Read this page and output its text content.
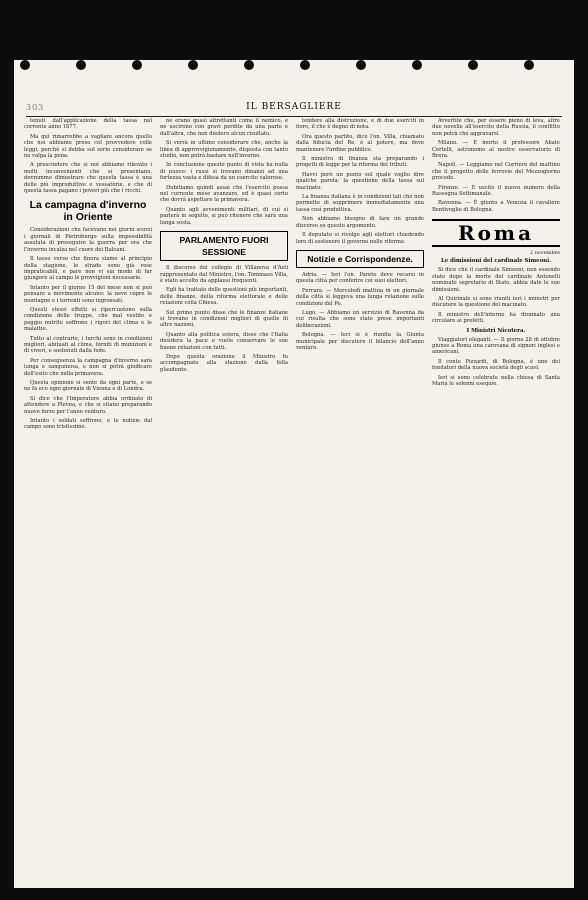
303	IL BERSAGLIERE

tenuti dall'applicazione della tassa nel corrente anno 1877.

Ma qui rimarrebbe a vagliare ancora quello che noi abbiamo preso col provvedere colle leggi, perchè si debba sul serio considerare se ne valga la pena.

A prescindere che si noi abbiamo rilevato i molti inconvenienti che si presentano, dovremmo dimostrare che questa tassa è una delle più improduttive e vessatorie, e che di questa tassa pagano i poveri più che i ricchi.

La campagna d'inverno in Oriente

Considerazioni che facevano nei giorni scorsi i giornali di Pietroburgo sulla impossibilità assoluta di proseguire la guerra per ora che l'inverno incalza nel cuore dei Balcani.

Il tasso verso che finora siamo al principio della stagione, le strade sono già rese impraticabili, e pare non vi sia modo di far giungere al campo le provvigioni necessarie.

Intanto per il giorno 15 del mese non si può pensare a movimento alcuno: la neve copre le montagne e i torrenti sono ingrossati.

Questi stessi effetti si ripercuotono sulla condizione delle truppe, che mal vestite e peggio nutrite soffrono i rigori del clima e le malattie.

Tutto al contrario, i turchi sono in condizioni migliori, abituati al clima, forniti di munizioni e di viveri, e sostenuti dalla fede.

Per conseguenza la campagna d'inverno sarà lunga e sanguinosa, e non si potrà giudicare dell'esito che nella primavera.

Questa opinione si sente da ogni parte, e se ne fa eco ogni giornale di Vienna e di Londra.

Si dice che l'Imperatore abbia ordinato di attendere a Plevna, e che si stiano preparando nuove forze per l'anno venturo.

Intanto i soldati soffrono, e le notizie dal campo sono tristissime.

ne erano quasi altrettanti come il nemico, e ne uscirono con gravi perdite da una parte e dall'altra, che non diedero alcun risultato.

Si verrà in ultimo considerare che, anche la linea di approvvigionamento, disposta con tanto studio, non potrà bastare nell'inverno.

In conclusione questo punto di vista ha nulla di nuovo: i russi si trovano dinanzi ad una fortezza vasta e difesa da un esercito valoroso.

Dubitiamo quindi assai che l'esercito possa nel corrente mese avanzare, ed è quasi certo che dovrà aspettare la primavera.

Quanto agli avvenimenti militari, di cui si parlerà in seguito, si può ritenere che sarà una lunga sosta.

PARLAMENTO FUORI SESSIONE

Il discorso del collegio di Villanova d'Asti rappresentato dal Ministro, l'on. Tommaso Villa, è stato accolto da applausi frequenti.

Egli ha trattato delle questioni più importanti, delle finanze, della riforma elettorale e delle relazioni colla Chiesa.

Sul primo punto disse che le finanze italiane si trovano in condizioni migliori di quelle di altre nazioni.

Quanto alla politica estera, disse che l'Italia desidera la pace e vuole conservare le sue buone relazioni con tutti.

Dopo questa orazione il Ministro fu accompagnato alla stazione dalla folla plaudente.

tendere alla distruzione, e di due eserciti in fiore, il che è degno di nota.

Ora questo partito, dice l'on. Villa, chiamato dalla fiducia del Re, è al potere, ma deve mantenere l'ordine pubblico.

Il ministro di finanza sta preparando i progetti di legge per la riforma dei tributi.

Havvi però un punto sul quale voglio dire qualche parola: la questione della tassa sul macinato.

La finanza italiana è in condizioni tali che non permette di sopprimere immediatamente una tassa così produttiva.

Non abbiamo bisogno di fare un grande discorso su questo argomento.

Il deputato si rivolge agli elettori chiedendo loro di sostenere il governo nelle riforme.

Notizie e Corrispondenze.

Adria. — Ieri l'on. Pareto deve recarsi in questa città per conferire coi suoi elettori.

Ferrara. — Mercoledì mattina in un giornale della città si leggeva una lunga relazione sulle condizioni del Po.

Lugo. — Abbiamo un servizio di Ravenna da cui risulta che sono state prese importanti deliberazioni.

Bologna. — Ieri si è riunita la Giunta municipale per discutere il bilancio dell'anno venturo.

Avvertite che, per essere pieno di leva, altre due novelle all'esercito della Russia, il conflitto non potrà che aggravarsi.

Milano. — È morto il professore Abate Cortelli, astronomo al nostro osservatorio di Brera.

Napoli. — Leggiamo nel Corriere del mattino che il progetto delle ferrovie del Mezzogiorno procede.

Firenze. — È uscito il nuovo numero della Rassegna Settimanale.

Ravenna. — È giunto a Venezia il cavaliere Bentivoglio di Bologna.

Roma
2 novembre
Le dimissioni del cardinale Simeoni.

Si dice che il cardinale Simeoni, non essendo stato dopo la morte del cardinale Antonelli nominato segretario di Stato, abbia date le sue dimissioni.

Al Quirinale si sono riuniti ieri i ministri per discutere la questione del macinato.

Il ministro dell'interno ha diramato una circolare ai prefetti.

I Ministri Nicotera.

Viaggiatori eleganti. — Il giorno 28 di ottobre giunse a Roma una carovana di signori inglesi e americani.

Il conte Pizzardi, di Bologna, è uno dei fondatori della nuova società degli scavi.

Ieri si sono celebrate nella chiesa di Santa Maria le solenni esequie.
